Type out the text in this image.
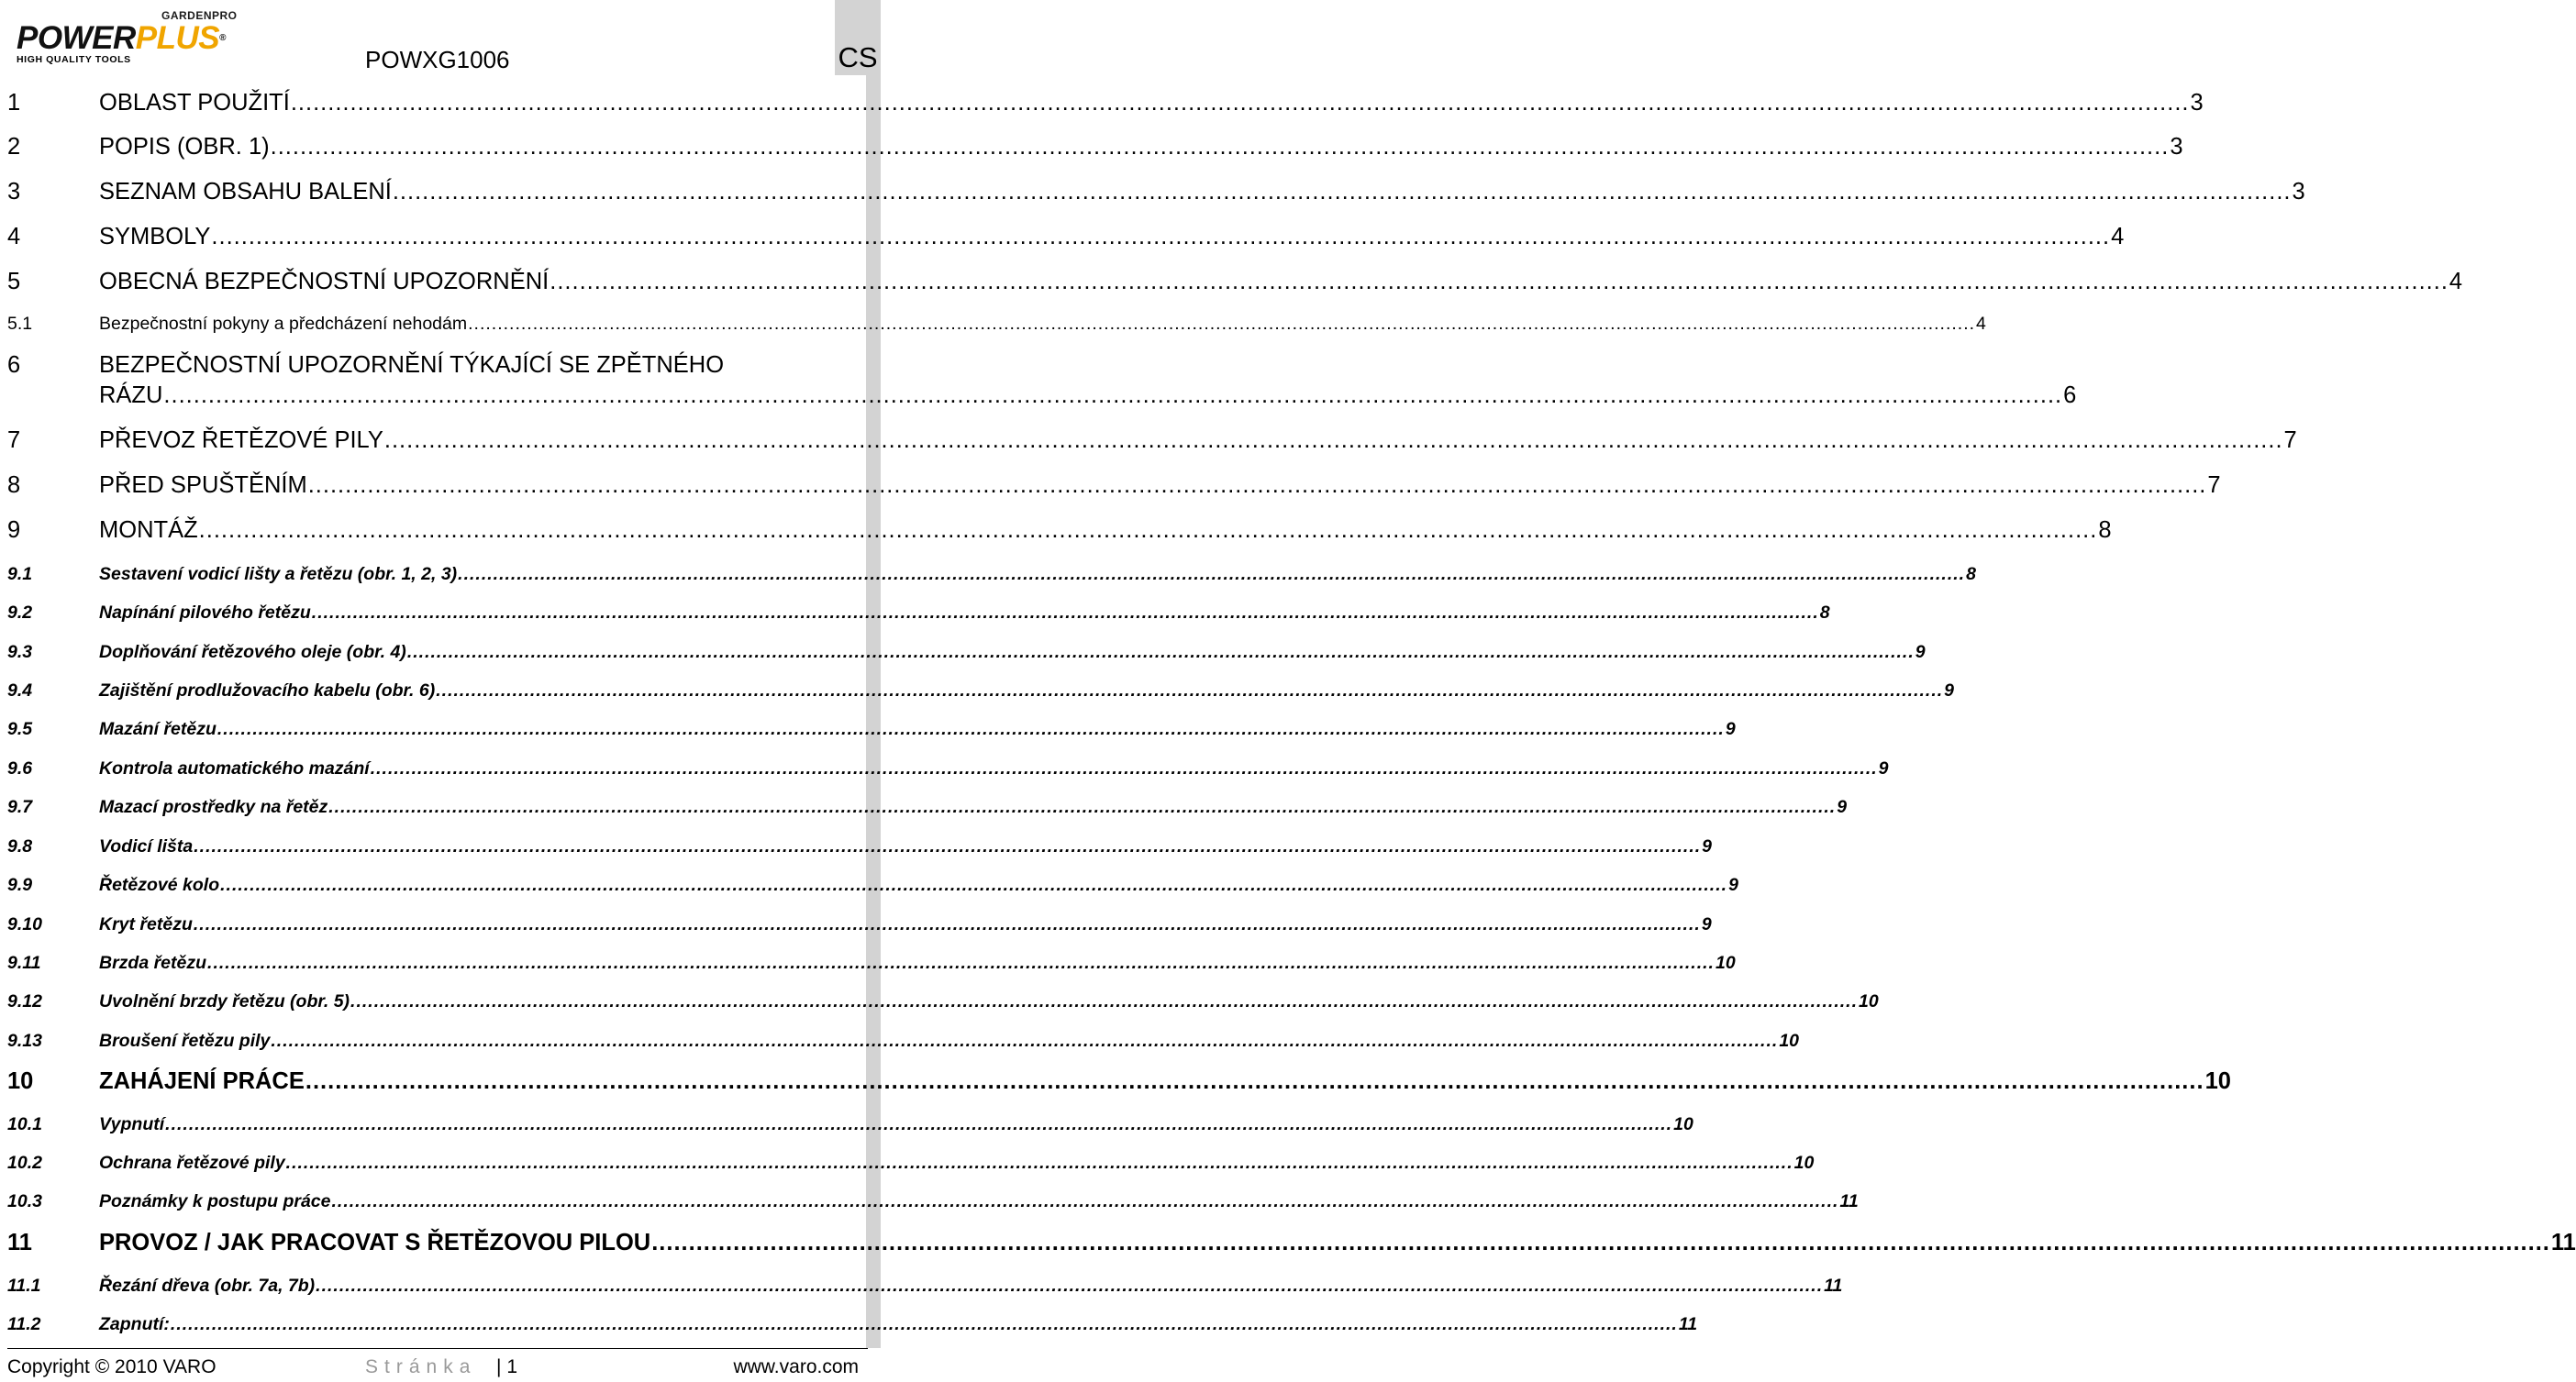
GARDENPRO
POWERPLUS®
HIGH QUALITY TOOLS	POWXG1006	CS
1	OBLAST POUŽITÍ .....	3
2	POPIS (OBR. 1) .....	3
3	SEZNAM OBSAHU BALENÍ .....	3
4	SYMBOLY .....	4
5	OBECNÁ BEZPEČNOSTNÍ UPOZORNĚNÍ .....	4
5.1	Bezpečnostní pokyny a předcházení nehodám .....	4
6	BEZPEČNOSTNÍ UPOZORNĚNÍ TÝKAJÍCÍ SE ZPĚTNÉHO
RÁZU .....	6
7	PŘEVOZ ŘETĚZOVÉ PILY .....	7
8	PŘED SPUŠTĚNÍM .....	7
9	MONTÁŽ .....	8
9.1	Sestavení vodicí lišty a řetězu (obr. 1, 2, 3) .....	8
9.2	Napínání pilového řetězu .....	8
9.3	Doplňování řetězového oleje (obr. 4) .....	9
9.4	Zajištění prodlužovacího kabelu (obr. 6) .....	9
9.5	Mazání řetězu .....	9
9.6	Kontrola automatického mazání .....	9
9.7	Mazací prostředky na řetěz .....	9
9.8	Vodicí lišta .....	9
9.9	Řetězové kolo .....	9
9.10	Kryt řetězu .....	9
9.11	Brzda řetězu .....	10
9.12	Uvolnění brzdy řetězu (obr. 5) .....	10
9.13	Broušení řetězu pily .....	10
10	ZAHÁJENÍ PRÁCE .....	10
10.1	Vypnutí .....	10
10.2	Ochrana řetězové pily .....	10
10.3	Poznámky k postupu práce .....	11
11	PROVOZ / JAK PRACOVAT S ŘETĚZOVOU PILOU .....	11
11.1	Řezání dřeva (obr. 7a, 7b) .....	11
11.2	Zapnutí: .....	11
Copyright © 2010 VARO	Stránka | 1	www.varo.com
